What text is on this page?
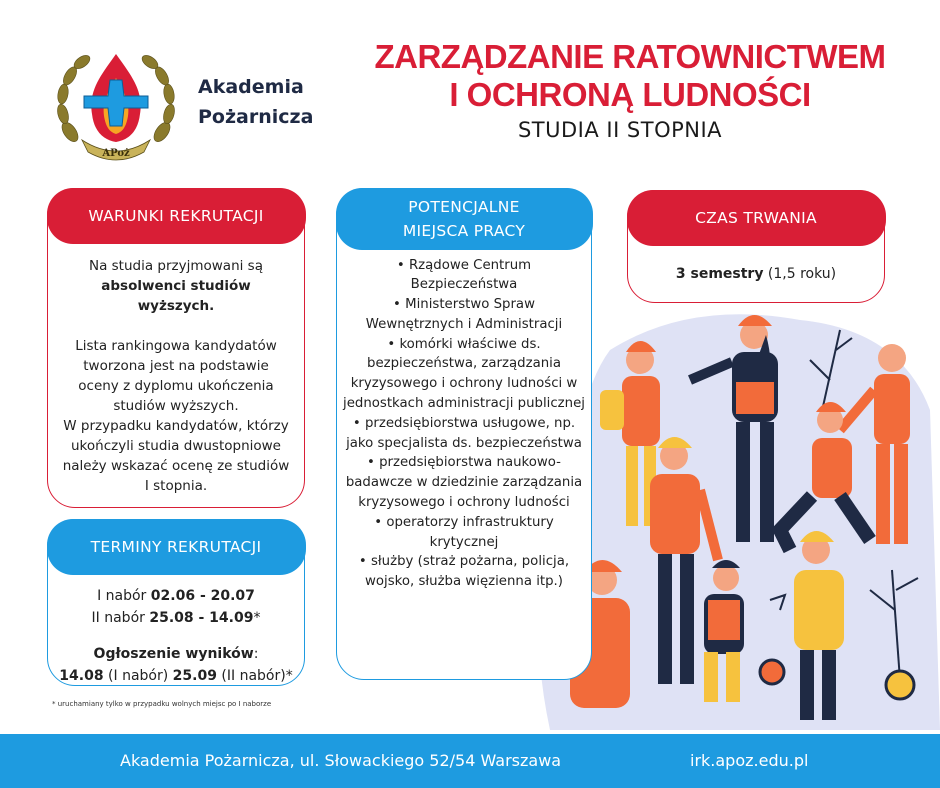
APoż
Akademia
Pożarnicza
ZARZĄDZANIE RATOWNICTWEM
I OCHRONĄ LUDNOŚCI
STUDIA II STOPNIA
WARUNKI REKRUTACJI
Na studia przyjmowani są
absolwenci studiów wyższych.
Lista rankingowa kandydatów tworzona jest na podstawie oceny z dyplomu ukończenia studiów wyższych.
W przypadku kandydatów, którzy ukończyli studia dwustopniowe należy wskazać ocenę ze studiów I stopnia.
TERMINY REKRUTACJI
I nabór 02.06 - 20.07
II nabór 25.08 - 14.09*
Ogłoszenie wyników:
14.08 (I nabór) 25.09 (II nabór)*
* uruchamiany tylko w przypadku wolnych miejsc po I naborze
POTENCJALNE
MIEJSCA PRACY
• Rządowe Centrum Bezpieczeństwa
• Ministerstwo Spraw Wewnętrznych i Administracji
• komórki właściwe ds. bezpieczeństwa, zarządzania kryzysowego i ochrony ludności w jednostkach administracji publicznej
• przedsiębiorstwa usługowe, np. jako specjalista ds. bezpieczeństwa
• przedsiębiorstwa naukowo-badawcze w dziedzinie zarządzania kryzysowego i ochrony ludności
• operatorzy infrastruktury krytycznej
• służby (straż pożarna, policja, wojsko, służba więzienna itp.)
CZAS TRWANIA
3 semestry (1,5 roku)
Akademia Pożarnicza, ul. Słowackiego 52/54 Warszawa	irk.apoz.edu.pl
